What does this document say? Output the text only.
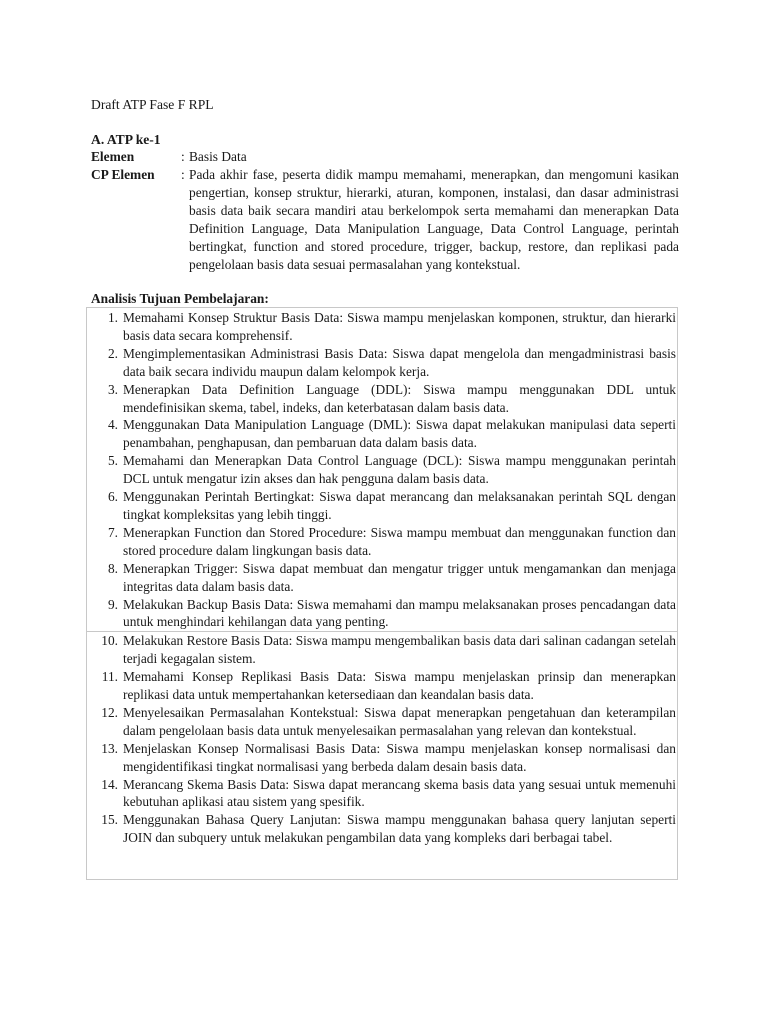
Draft ATP Fase F RPL
A. ATP ke-1
Elemen	: Basis Data
CP Elemen	: Pada akhir fase, peserta didik mampu memahami, menerapkan, dan mengomuni kasikan pengertian, konsep struktur, hierarki, aturan, komponen, instalasi, dan dasar administrasi basis data baik secara mandiri atau berkelompok serta memahami dan menerapkan Data Definition Language, Data Manipulation Language, Data Control Language, perintah bertingkat, function and stored procedure, trigger, backup, restore, dan replikasi pada pengelolaan basis data sesuai permasalahan yang kontekstual.
Analisis Tujuan Pembelajaran:
1. Memahami Konsep Struktur Basis Data: Siswa mampu menjelaskan komponen, struktur, dan hierarki basis data secara komprehensif.
2. Mengimplementasikan Administrasi Basis Data: Siswa dapat mengelola dan mengadministrasi basis data baik secara individu maupun dalam kelompok kerja.
3. Menerapkan Data Definition Language (DDL): Siswa mampu menggunakan DDL untuk mendefinisikan skema, tabel, indeks, dan keterbatasan dalam basis data.
4. Menggunakan Data Manipulation Language (DML): Siswa dapat melakukan manipulasi data seperti penambahan, penghapusan, dan pembaruan data dalam basis data.
5. Memahami dan Menerapkan Data Control Language (DCL): Siswa mampu menggunakan perintah DCL untuk mengatur izin akses dan hak pengguna dalam basis data.
6. Menggunakan Perintah Bertingkat: Siswa dapat merancang dan melaksanakan perintah SQL dengan tingkat kompleksitas yang lebih tinggi.
7. Menerapkan Function dan Stored Procedure: Siswa mampu membuat dan menggunakan function dan stored procedure dalam lingkungan basis data.
8. Menerapkan Trigger: Siswa dapat membuat dan mengatur trigger untuk mengamankan dan menjaga integritas data dalam basis data.
9. Melakukan Backup Basis Data: Siswa memahami dan mampu melaksanakan proses pencadangan data untuk menghindari kehilangan data yang penting.
10. Melakukan Restore Basis Data: Siswa mampu mengembalikan basis data dari salinan cadangan setelah terjadi kegagalan sistem.
11. Memahami Konsep Replikasi Basis Data: Siswa mampu menjelaskan prinsip dan menerapkan replikasi data untuk mempertahankan ketersediaan dan keandalan basis data.
12. Menyelesaikan Permasalahan Kontekstual: Siswa dapat menerapkan pengetahuan dan keterampilan dalam pengelolaan basis data untuk menyelesaikan permasalahan yang relevan dan kontekstual.
13. Menjelaskan Konsep Normalisasi Basis Data: Siswa mampu menjelaskan konsep normalisasi dan mengidentifikasi tingkat normalisasi yang berbeda dalam desain basis data.
14. Merancang Skema Basis Data: Siswa dapat merancang skema basis data yang sesuai untuk memenuhi kebutuhan aplikasi atau sistem yang spesifik.
15. Menggunakan Bahasa Query Lanjutan: Siswa mampu menggunakan bahasa query lanjutan seperti JOIN dan subquery untuk melakukan pengambilan data yang kompleks dari berbagai tabel.
